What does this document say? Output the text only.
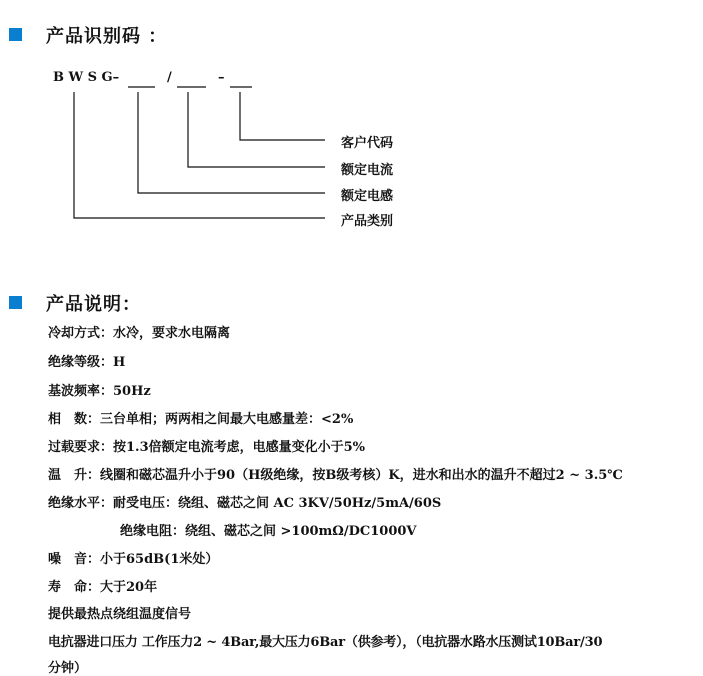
产品识别码 ：
B W S G–	/	–
客户代码
额定电流
额定电感
产品类别
产品说明：
冷却方式：水冷，要求水电隔离
绝缘等级：H
基波频率：50Hz
相　数：三台单相；两两相之间最大电感量差：<2%
过载要求：按1.3倍额定电流考虑，电感量变化小于5%
温　升：线圈和磁芯温升小于90（H级绝缘，按B级考核）K，进水和出水的温升不超过2 ~ 3.5℃
绝缘水平：耐受电压：绕组、磁芯之间 AC 3KV/50Hz/5mA/60S
绝缘电阻：绕组、磁芯之间 >100mΩ/DC1000V
噪　音：小于65dB(1米处）
寿　命：大于20年
提供最热点绕组温度信号
电抗器进口压力 工作压力2 ~ 4Bar,最大压力6Bar（供参考），（电抗器水路水压测试10Bar/30
分钟）
